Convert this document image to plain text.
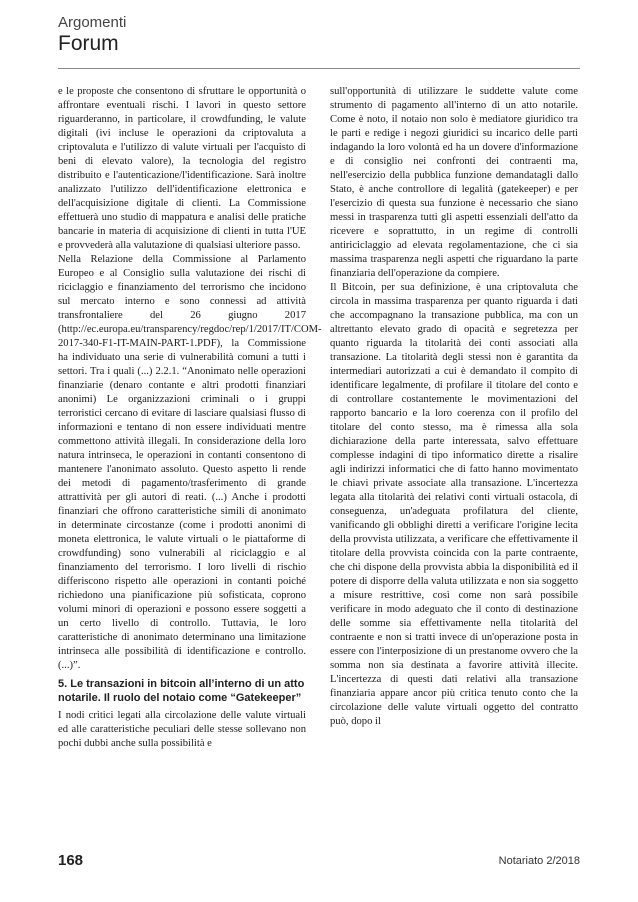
Argomenti
Forum

e le proposte che consentono di sfruttare le opportunità o affrontare eventuali rischi. I lavori in questo settore riguarderanno, in particolare, il crowdfunding, le valute digitali (ivi incluse le operazioni da criptovaluta a criptovaluta e l'utilizzo di valute virtuali per l'acquisto di beni di elevato valore), la tecnologia del registro distribuito e l'autenticazione/l'identificazione. Sarà inoltre analizzato l'utilizzo dell'identificazione elettronica e dell'acquisizione digitale di clienti. La Commissione effettuerà uno studio di mappatura e analisi delle pratiche bancarie in materia di acquisizione di clienti in tutta l'UE e provvederà alla valutazione di qualsiasi ulteriore passo.

Nella Relazione della Commissione al Parlamento Europeo e al Consiglio sulla valutazione dei rischi di riciclaggio e finanziamento del terrorismo che incidono sul mercato interno e sono connessi ad attività transfrontaliere del 26 giugno 2017 (http://ec.europa.eu/transparency/regdoc/rep/1/2017/IT/COM-2017-340-F1-IT-MAIN-PART-1.PDF), la Commissione ha individuato una serie di vulnerabilità comuni a tutti i settori. Tra i quali (...) 2.2.1. “Anonimato nelle operazioni finanziarie (denaro contante e altri prodotti finanziari anonimi) Le organizzazioni criminali o i gruppi terroristici cercano di evitare di lasciare qualsiasi flusso di informazioni e tentano di non essere individuati mentre commettono attività illegali. In considerazione della loro natura intrinseca, le operazioni in contanti consentono di mantenere l'anonimato assoluto. Questo aspetto li rende dei metodi di pagamento/trasferimento di grande attrattività per gli autori di reati. (...) Anche i prodotti finanziari che offrono caratteristiche simili di anonimato in determinate circostanze (come i prodotti anonimi di moneta elettronica, le valute virtuali o le piattaforme di crowdfunding) sono vulnerabili al riciclaggio e al finanziamento del terrorismo. I loro livelli di rischio differiscono rispetto alle operazioni in contanti poiché richiedono una pianificazione più sofisticata, coprono volumi minori di operazioni e possono essere soggetti a un certo livello di controllo. Tuttavia, le loro caratteristiche di anonimato determinano una limitazione intrinseca alle possibilità di identificazione e controllo. (...)”.

5. Le transazioni in bitcoin all’interno di un atto notarile. Il ruolo del notaio come “Gatekeeper”

I nodi critici legati alla circolazione delle valute virtuali ed alle caratteristiche peculiari delle stesse sollevano non pochi dubbi anche sulla possibilità e

sull'opportunità di utilizzare le suddette valute come strumento di pagamento all'interno di un atto notarile. Come è noto, il notaio non solo è mediatore giuridico tra le parti e redige i negozi giuridici su incarico delle parti indagando la loro volontà ed ha un dovere d'informazione e di consiglio nei confronti dei contraenti ma, nell'esercizio della pubblica funzione demandatagli dallo Stato, è anche controllore di legalità (gatekeeper) e per l'esercizio di questa sua funzione è necessario che siano messi in trasparenza tutti gli aspetti essenziali dell'atto da ricevere e soprattutto, in un regime di controlli antiriciclaggio ad elevata regolamentazione, che ci sia massima trasparenza negli aspetti che riguardano la parte finanziaria dell'operazione da compiere.

Il Bitcoin, per sua definizione, è una criptovaluta che circola in massima trasparenza per quanto riguarda i dati che accompagnano la transazione pubblica, ma con un altrettanto elevato grado di opacità e segretezza per quanto riguarda la titolarità dei conti associati alla transazione. La titolarità degli stessi non è garantita da intermediari autorizzati a cui è demandato il compito di identificare legalmente, di profilare il titolare del conto e di controllare costantemente le movimentazioni del rapporto bancario e la loro coerenza con il profilo del titolare del conto stesso, ma è rimessa alla sola dichiarazione della parte interessata, salvo effettuare complesse indagini di tipo informatico dirette a risalire agli indirizzi informatici che di fatto hanno movimentato le chiavi private associate alla transazione. L'incertezza legata alla titolarità dei relativi conti virtuali ostacola, di conseguenza, un'adeguata profilatura del cliente, vanificando gli obblighi diretti a verificare l'origine lecita della provvista utilizzata, a verificare che effettivamente il titolare della provvista coincida con la parte contraente, che chi dispone della provvista abbia la disponibilità ed il potere di disporre della valuta utilizzata e non sia soggetto a misure restrittive, così come non sarà possibile verificare in modo adeguato che il conto di destinazione delle somme sia effettivamente nella titolarità del contraente e non si tratti invece di un'operazione posta in essere con l'interposizione di un prestanome ovvero che la somma non sia destinata a favorire attività illecite. L'incertezza di questi dati relativi alla transazione finanziaria appare ancor più critica tenuto conto che la circolazione delle valute virtuali oggetto del contratto può, dopo il

168	Notariato 2/2018
